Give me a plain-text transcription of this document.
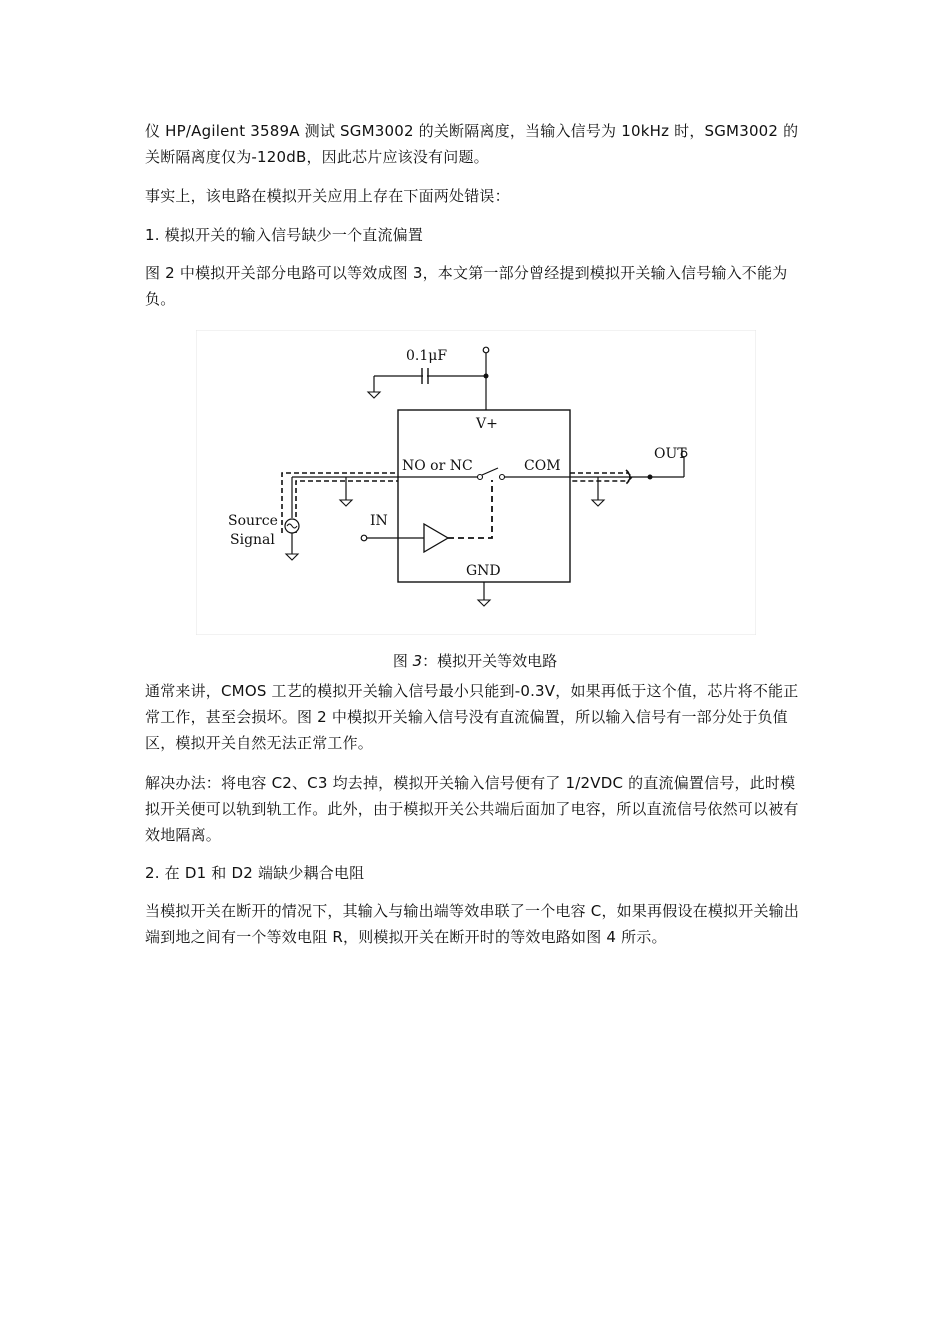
仪 HP/Agilent 3589A 测试 SGM3002 的关断隔离度，当输入信号为 10kHz 时，SGM3002 的关断隔离度仅为-120dB，因此芯片应该没有问题。

事实上，该电路在模拟开关应用上存在下面两处错误：

1. 模拟开关的输入信号缺少一个直流偏置

图 2 中模拟开关部分电路可以等效成图 3，本文第一部分曾经提到模拟开关输入信号输入不能为负。

0.1μF
V+
NO or NC	COM
Source
Signal
OUT
IN
GND
图 3：模拟开关等效电路

通常来讲，CMOS 工艺的模拟开关输入信号最小只能到-0.3V，如果再低于这个值，芯片将不能正常工作，甚至会损坏。图 2 中模拟开关输入信号没有直流偏置，所以输入信号有一部分处于负值区，模拟开关自然无法正常工作。

解决办法：将电容 C2、C3 均去掉，模拟开关输入信号便有了 1/2VDC 的直流偏置信号，此时模拟开关便可以轨到轨工作。此外，由于模拟开关公共端后面加了电容，所以直流信号依然可以被有效地隔离。

2. 在 D1 和 D2 端缺少耦合电阻

当模拟开关在断开的情况下，其输入与输出端等效串联了一个电容 C，如果再假设在模拟开关输出端到地之间有一个等效电阻 R，则模拟开关在断开时的等效电路如图 4 所示。
